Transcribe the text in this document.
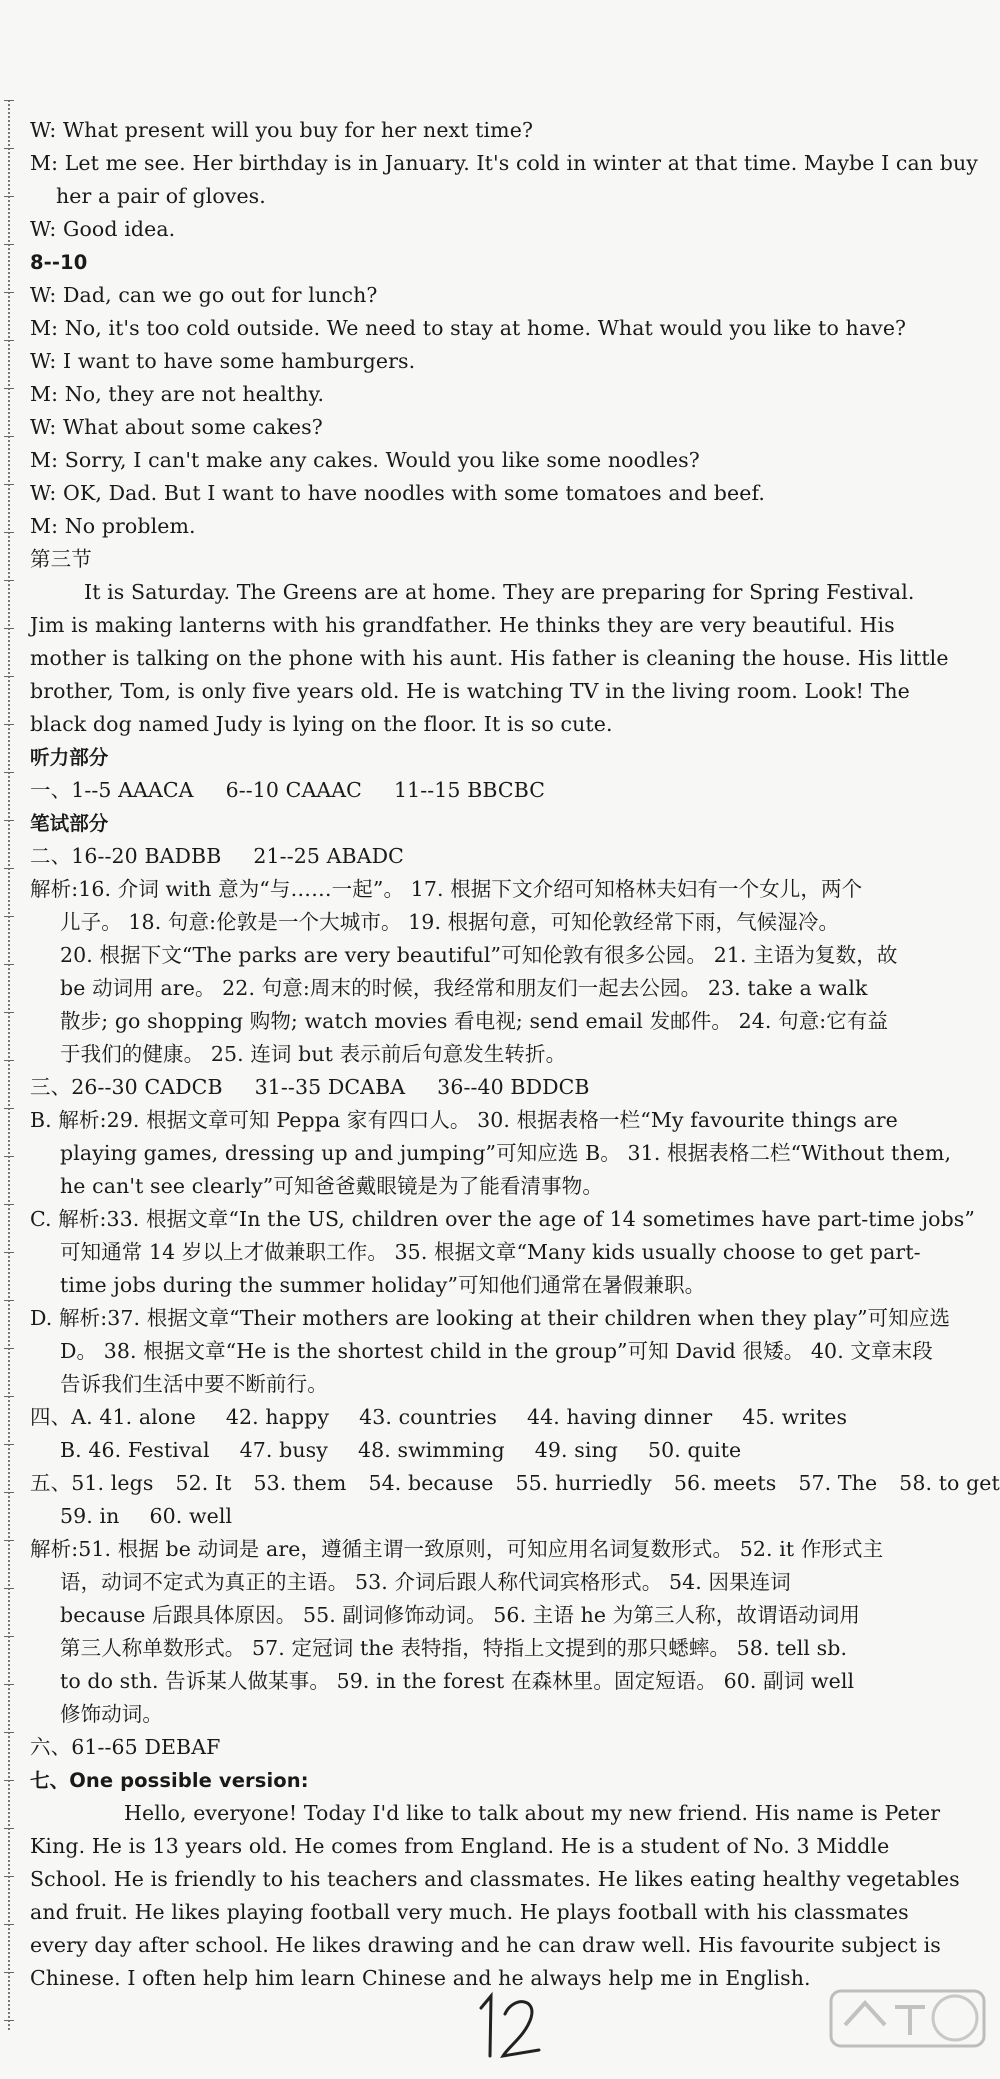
W: What present will you buy for her next time?

M: Let me see. Her birthday is in January. It's cold in winter at that time. Maybe I can buy

her a pair of gloves.

W: Good idea.

8--10

W: Dad, can we go out for lunch?

M: No, it's too cold outside. We need to stay at home. What would you like to have?

W: I want to have some hamburgers.

M: No, they are not healthy.

W: What about some cakes?

M: Sorry, I can't make any cakes. Would you like some noodles?

W: OK, Dad. But I want to have noodles with some tomatoes and beef.

M: No problem.

第三节

It is Saturday. The Greens are at home. They are preparing for Spring Festival. Jim is making lanterns with his grandfather. He thinks they are very beautiful. His mother is talking on the phone with his aunt. His father is cleaning the house. His little brother, Tom, is only five years old. He is watching TV in the living room. Look! The black dog named Judy is lying on the floor. It is so cute.

听力部分

一、1--5 AAACA 6--10 CAAAC 11--15 BBCBC

笔试部分

二、16--20 BADBB 21--25 ABADC

解析:16. 介词 with 意为“与……一起”。 17. 根据下文介绍可知格林夫妇有一个女儿，两个

儿子。 18. 句意:伦敦是一个大城市。 19. 根据句意，可知伦敦经常下雨，气候湿冷。

20. 根据下文“The parks are very beautiful”可知伦敦有很多公园。 21. 主语为复数，故

be 动词用 are。 22. 句意:周末的时候，我经常和朋友们一起去公园。 23. take a walk

散步; go shopping 购物; watch movies 看电视; send email 发邮件。 24. 句意:它有益

于我们的健康。 25. 连词 but 表示前后句意发生转折。

三、26--30 CADCB 31--35 DCABA 36--40 BDDCB

B. 解析:29. 根据文章可知 Peppa 家有四口人。 30. 根据表格一栏“My favourite things are

playing games, dressing up and jumping”可知应选 B。 31. 根据表格二栏“Without them,

he can't see clearly”可知爸爸戴眼镜是为了能看清事物。

C. 解析:33. 根据文章“In the US, children over the age of 14 sometimes have part-time jobs”

可知通常 14 岁以上才做兼职工作。 35. 根据文章“Many kids usually choose to get part-

time jobs during the summer holiday”可知他们通常在暑假兼职。

D. 解析:37. 根据文章“Their mothers are looking at their children when they play”可知应选

D。 38. 根据文章“He is the shortest child in the group”可知 David 很矮。 40. 文章末段

告诉我们生活中要不断前行。

四、A. 41. alone 42. happy 43. countries 44. having dinner 45. writes

B. 46. Festival 47. busy 48. swimming 49. sing 50. quite

五、51. legs 52. It 53. them 54. because 55. hurriedly 56. meets 57. The 58. to get

59. in 60. well

解析:51. 根据 be 动词是 are，遵循主谓一致原则，可知应用名词复数形式。 52. it 作形式主

语，动词不定式为真正的主语。 53. 介词后跟人称代词宾格形式。 54. 因果连词

because 后跟具体原因。 55. 副词修饰动词。 56. 主语 he 为第三人称，故谓语动词用

第三人称单数形式。 57. 定冠词 the 表特指，特指上文提到的那只蟋蟀。 58. tell sb.

to do sth. 告诉某人做某事。 59. in the forest 在森林里。固定短语。 60. 副词 well

修饰动词。

六、61--65 DEBAF

七、One possible version:

Hello, everyone! Today I'd like to talk about my new friend. His name is Peter King. He is 13 years old. He comes from England. He is a student of No. 3 Middle School. He is friendly to his teachers and classmates. He likes eating healthy vegetables and fruit. He likes playing football very much. He plays football with his classmates every day after school. He likes drawing and he can draw well. His favourite subject is Chinese. I often help him learn Chinese and he always help me in English.
